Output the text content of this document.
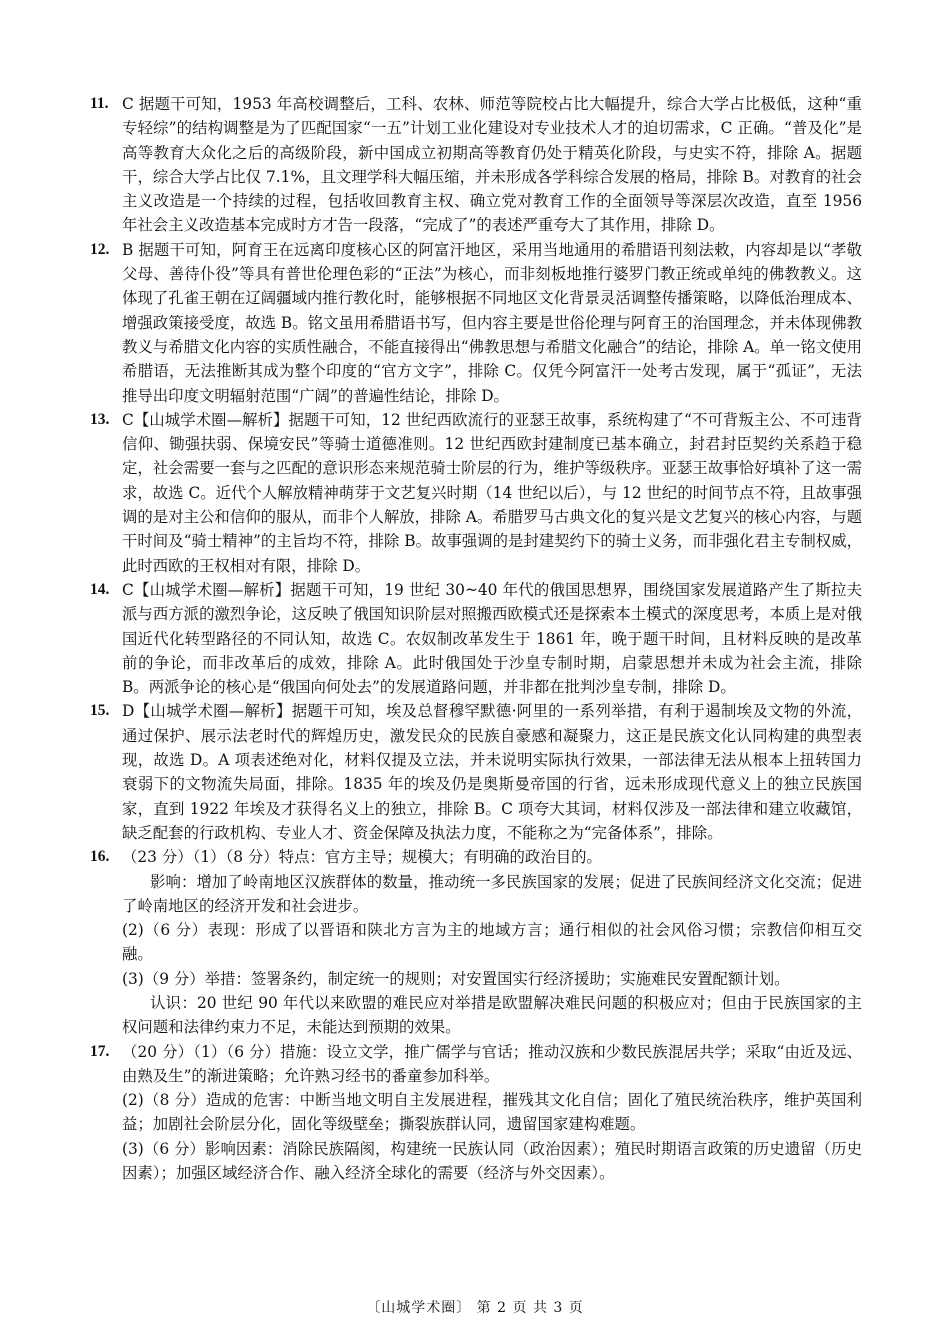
11. C 据题干可知，1953 年高校调整后，工科、农林、师范等院校占比大幅提升，综合大学占比极低，这种“重专轻综”的结构调整是为了匹配国家“一五”计划工业化建设对专业技术人才的迫切需求，C 正确。“普及化”是高等教育大众化之后的高级阶段，新中国成立初期高等教育仍处于精英化阶段，与史实不符，排除 A。据题干，综合大学占比仅 7.1%，且文理学科大幅压缩，并未形成各学科综合发展的格局，排除 B。对教育的社会主义改造是一个持续的过程，包括收回教育主权、确立党对教育工作的全面领导等深层次改造，直至 1956 年社会主义改造基本完成时方才告一段落，“完成了”的表述严重夸大了其作用，排除 D。

12. B 据题干可知，阿育王在远离印度核心区的阿富汗地区，采用当地通用的希腊语刊刻法敕，内容却是以“孝敬父母、善待仆役”等具有普世伦理色彩的“正法”为核心，而非刻板地推行婆罗门教正统或单纯的佛教教义。这体现了孔雀王朝在辽阔疆域内推行教化时，能够根据不同地区文化背景灵活调整传播策略，以降低治理成本、增强政策接受度，故选 B。铭文虽用希腊语书写，但内容主要是世俗伦理与阿育王的治国理念，并未体现佛教教义与希腊文化内容的实质性融合，不能直接得出“佛教思想与希腊文化融合”的结论，排除 A。单一铭文使用希腊语，无法推断其成为整个印度的“官方文字”，排除 C。仅凭今阿富汗一处考古发现，属于“孤证”，无法推导出印度文明辐射范围“广阔”的普遍性结论，排除 D。

13. C【山城学术圈—解析】据题干可知，12 世纪西欧流行的亚瑟王故事，系统构建了“不可背叛主公、不可违背信仰、锄强扶弱、保境安民”等骑士道德准则。12 世纪西欧封建制度已基本确立，封君封臣契约关系趋于稳定，社会需要一套与之匹配的意识形态来规范骑士阶层的行为，维护等级秩序。亚瑟王故事恰好填补了这一需求，故选 C。近代个人解放精神萌芽于文艺复兴时期（14 世纪以后），与 12 世纪的时间节点不符，且故事强调的是对主公和信仰的服从，而非个人解放，排除 A。希腊罗马古典文化的复兴是文艺复兴的核心内容，与题干时间及“骑士精神”的主旨均不符，排除 B。故事强调的是封建契约下的骑士义务，而非强化君主专制权威，此时西欧的王权相对有限，排除 D。

14. C【山城学术圈—解析】据题干可知，19 世纪 30~40 年代的俄国思想界，围绕国家发展道路产生了斯拉夫派与西方派的激烈争论，这反映了俄国知识阶层对照搬西欧模式还是探索本土模式的深度思考，本质上是对俄国近代化转型路径的不同认知，故选 C。农奴制改革发生于 1861 年，晚于题干时间，且材料反映的是改革前的争论，而非改革后的成效，排除 A。此时俄国处于沙皇专制时期，启蒙思想并未成为社会主流，排除 B。两派争论的核心是“俄国向何处去”的发展道路问题，并非都在批判沙皇专制，排除 D。

15. D【山城学术圈—解析】据题干可知，埃及总督穆罕默德·阿里的一系列举措，有利于遏制埃及文物的外流，通过保护、展示法老时代的辉煌历史，激发民众的民族自豪感和凝聚力，这正是民族文化认同构建的典型表现，故选 D。A 项表述绝对化，材料仅提及立法，并未说明实际执行效果，一部法律无法从根本上扭转国力衰弱下的文物流失局面，排除。1835 年的埃及仍是奥斯曼帝国的行省，远未形成现代意义上的独立民族国家，直到 1922 年埃及才获得名义上的独立，排除 B。C 项夸大其词，材料仅涉及一部法律和建立收藏馆，缺乏配套的行政机构、专业人才、资金保障及执法力度，不能称之为“完备体系”，排除。

16. （23 分）（1）（8 分）特点：官方主导；规模大；有明确的政治目的。

影响：增加了岭南地区汉族群体的数量，推动统一多民族国家的发展；促进了民族间经济文化交流；促进了岭南地区的经济开发和社会进步。

(2)（6 分）表现：形成了以晋语和陕北方言为主的地域方言；通行相似的社会风俗习惯；宗教信仰相互交融。

(3)（9 分）举措：签署条约，制定统一的规则；对安置国实行经济援助；实施难民安置配额计划。

认识：20 世纪 90 年代以来欧盟的难民应对举措是欧盟解决难民问题的积极应对；但由于民族国家的主权问题和法律约束力不足，未能达到预期的效果。

17. （20 分）（1）（6 分）措施：设立文学，推广儒学与官话；推动汉族和少数民族混居共学；采取“由近及远、由熟及生”的渐进策略；允许熟习经书的番童参加科举。

(2)（8 分）造成的危害：中断当地文明自主发展进程，摧残其文化自信；固化了殖民统治秩序，维护英国利益；加剧社会阶层分化，固化等级壁垒；撕裂族群认同，遗留国家建构难题。

(3)（6 分）影响因素：消除民族隔阂，构建统一民族认同（政治因素）；殖民时期语言政策的历史遗留（历史因素）；加强区域经济合作、融入经济全球化的需要（经济与外交因素）。

〔山城学术圈〕 第 2 页 共 3 页
